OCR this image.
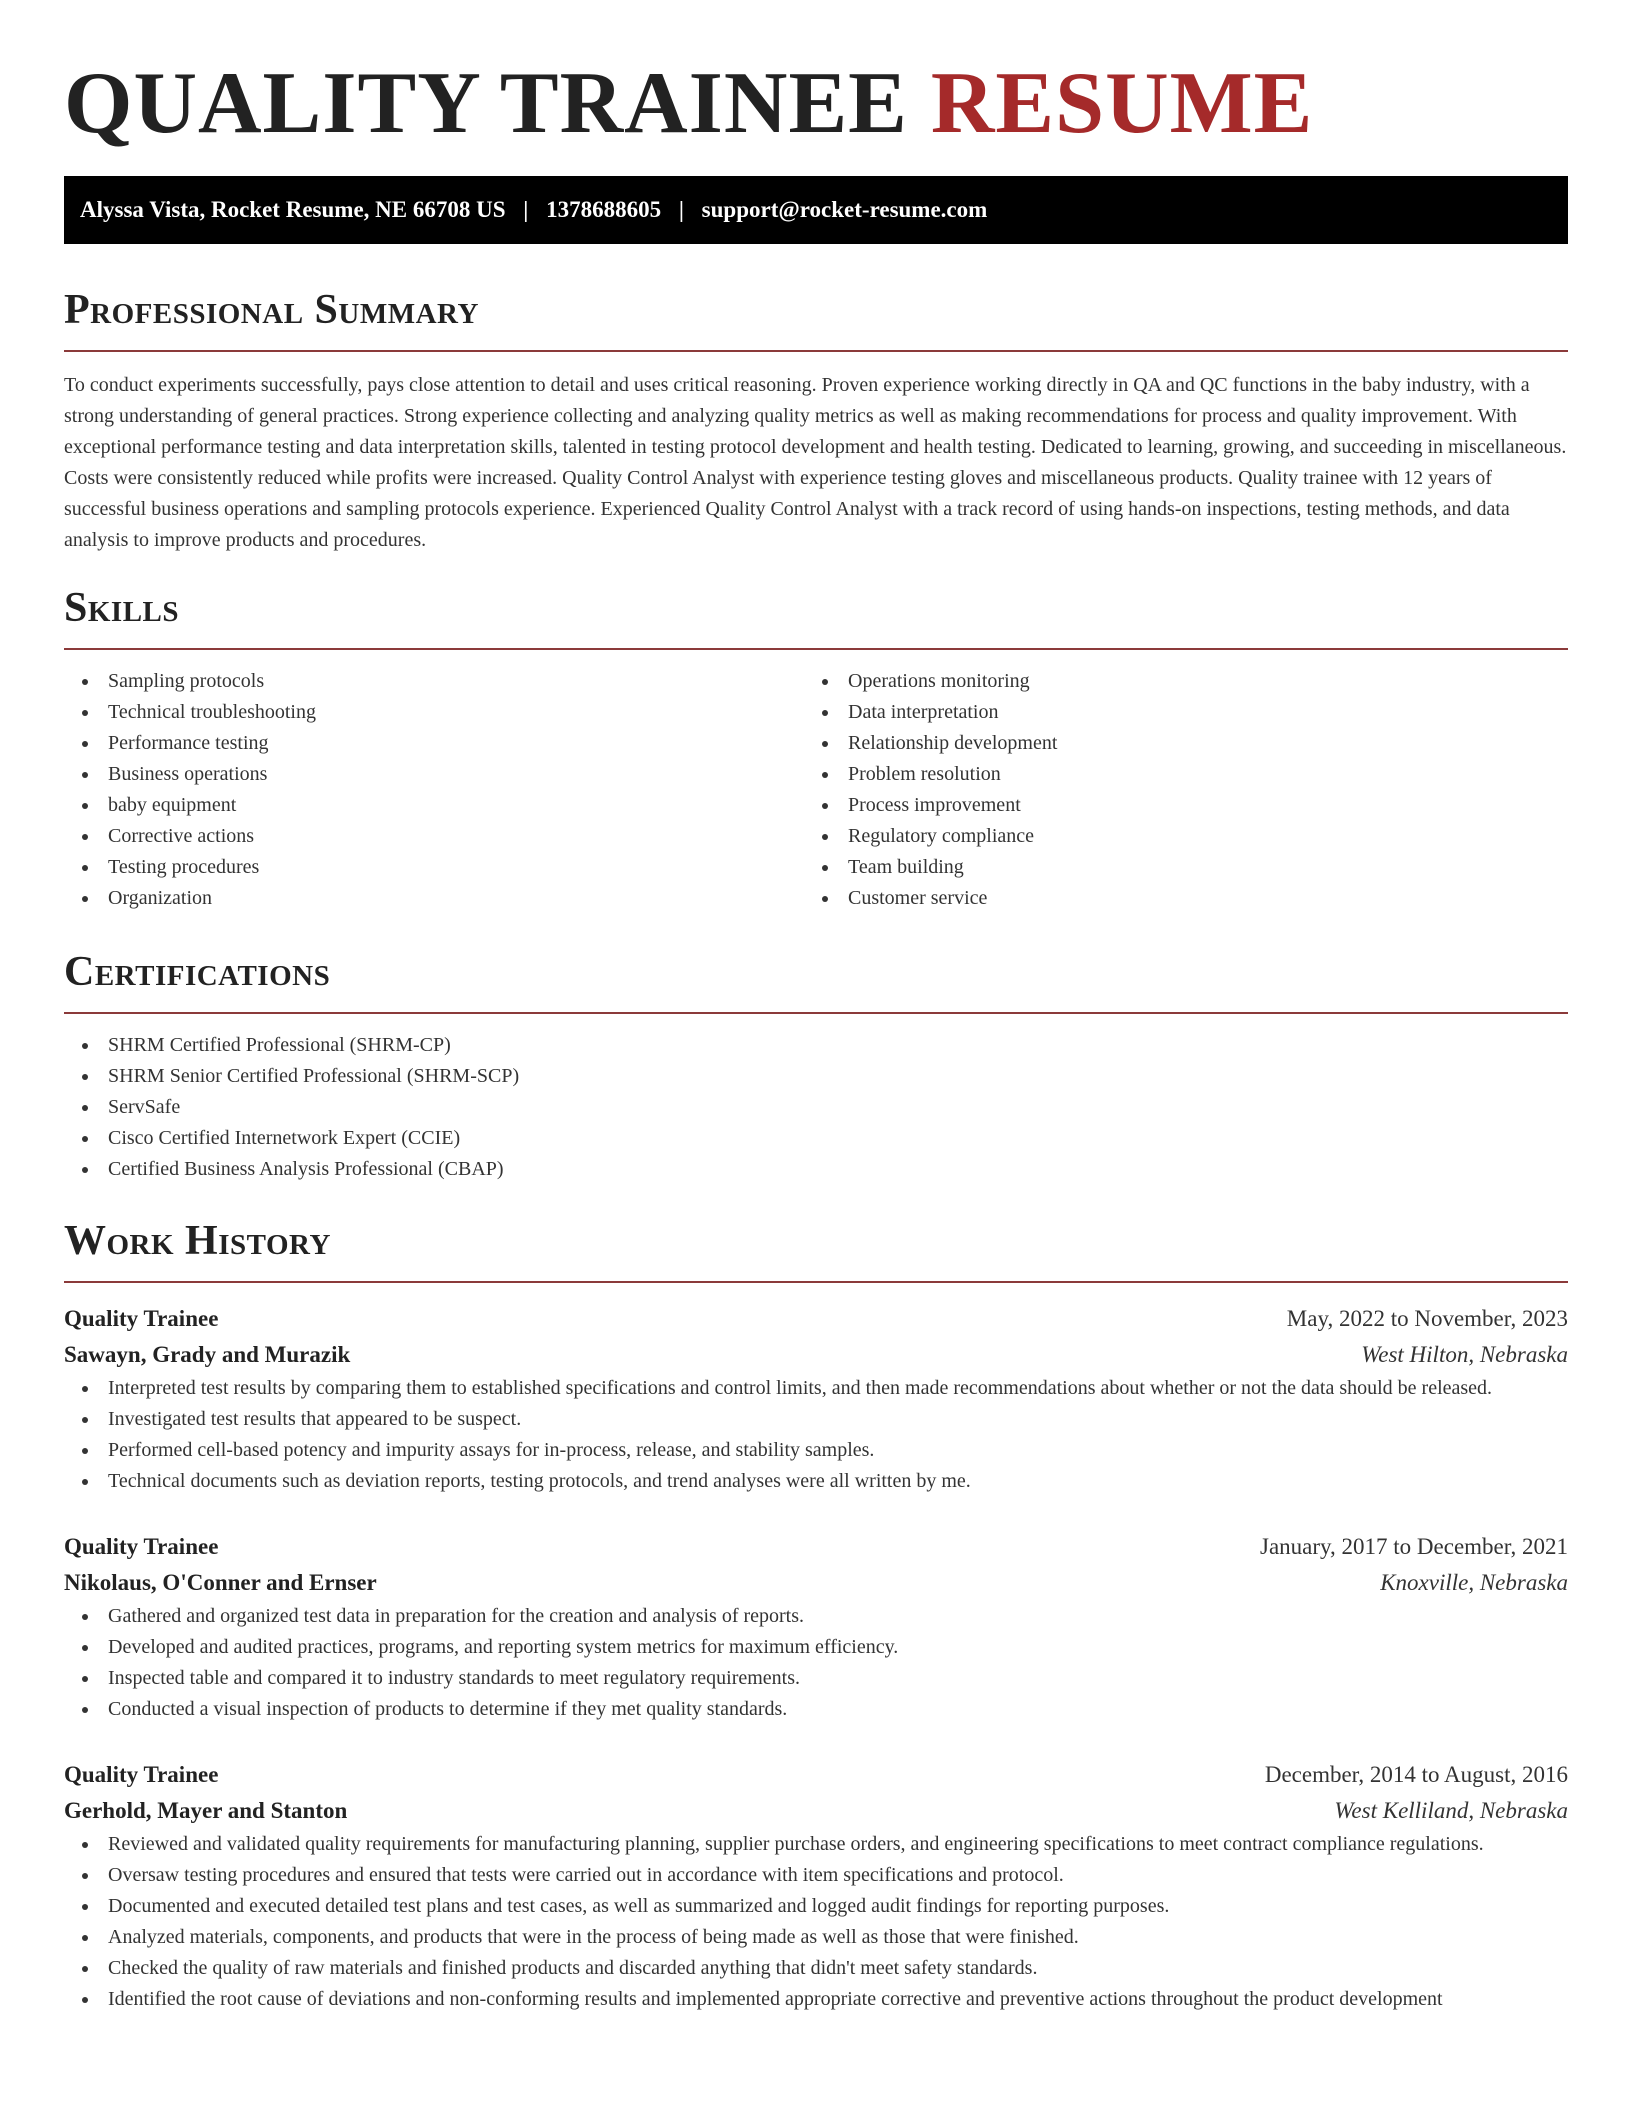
QUALITY TRAINEE RESUME
Alyssa Vista, Rocket Resume, NE 66708 US | 1378688605 | support@rocket-resume.com
Professional Summary

To conduct experiments successfully, pays close attention to detail and uses critical reasoning. Proven experience working directly in QA and QC functions in the baby industry, with a strong understanding of general practices. Strong experience collecting and analyzing quality metrics as well as making recommendations for process and quality improvement. With exceptional performance testing and data interpretation skills, talented in testing protocol development and health testing. Dedicated to learning, growing, and succeeding in miscellaneous. Costs were consistently reduced while profits were increased. Quality Control Analyst with experience testing gloves and miscellaneous products. Quality trainee with 12 years of successful business operations and sampling protocols experience. Experienced Quality Control Analyst with a track record of using hands-on inspections, testing methods, and data analysis to improve products and procedures.

Skills
Sampling protocols
Technical troubleshooting
Performance testing
Business operations
baby equipment
Corrective actions
Testing procedures
Organization
Operations monitoring
Data interpretation
Relationship development
Problem resolution
Process improvement
Regulatory compliance
Team building
Customer service
Certifications
SHRM Certified Professional (SHRM-CP)
SHRM Senior Certified Professional (SHRM-SCP)
ServSafe
Cisco Certified Internetwork Expert (CCIE)
Certified Business Analysis Professional (CBAP)
Work History
Quality Trainee	May, 2022 to November, 2023
Sawayn, Grady and Murazik	West Hilton, Nebraska
Interpreted test results by comparing them to established specifications and control limits, and then made recommendations about whether or not the data should be released.
Investigated test results that appeared to be suspect.
Performed cell-based potency and impurity assays for in-process, release, and stability samples.
Technical documents such as deviation reports, testing protocols, and trend analyses were all written by me.
Quality Trainee	January, 2017 to December, 2021
Nikolaus, O'Conner and Ernser	Knoxville, Nebraska
Gathered and organized test data in preparation for the creation and analysis of reports.
Developed and audited practices, programs, and reporting system metrics for maximum efficiency.
Inspected table and compared it to industry standards to meet regulatory requirements.
Conducted a visual inspection of products to determine if they met quality standards.
Quality Trainee	December, 2014 to August, 2016
Gerhold, Mayer and Stanton	West Kelliland, Nebraska
Reviewed and validated quality requirements for manufacturing planning, supplier purchase orders, and engineering specifications to meet contract compliance regulations.
Oversaw testing procedures and ensured that tests were carried out in accordance with item specifications and protocol.
Documented and executed detailed test plans and test cases, as well as summarized and logged audit findings for reporting purposes.
Analyzed materials, components, and products that were in the process of being made as well as those that were finished.
Checked the quality of raw materials and finished products and discarded anything that didn't meet safety standards.
Identified the root cause of deviations and non-conforming results and implemented appropriate corrective and preventive actions throughout the product development
